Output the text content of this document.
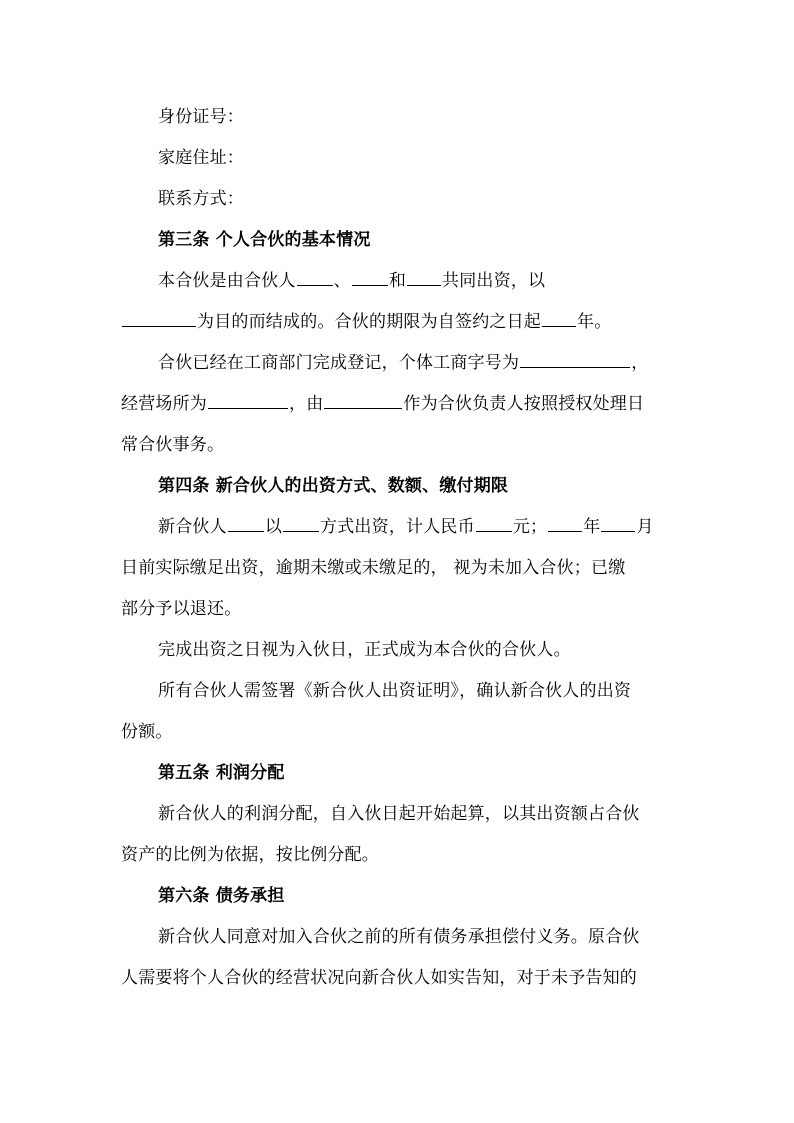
身份证号：
家庭住址：
联系方式：
第三条 个人合伙的基本情况
本合伙是由合伙人 、 和 共同出资，以
为目的而结成的。合伙的期限为自签约之日起 年。
合伙已经在工商部门完成登记，个体工商字号为	，
经营场所为	，由	作为合伙负责人按照授权处理日
常合伙事务。
第四条 新合伙人的出资方式、数额、缴付期限
新合伙人 以 方式出资，计人民币 元； 年 月
日前实际缴足出资，逾期未缴或未缴足的， 视为未加入合伙；已缴
部分予以退还。
完成出资之日视为入伙日，正式成为本合伙的合伙人。
所有合伙人需签署《新合伙人出资证明》，确认新合伙人的出资
份额。
第五条 利润分配
新合伙人的利润分配，自入伙日起开始起算，以其出资额占合伙
资产的比例为依据，按比例分配。
第六条 债务承担
新合伙人同意对加入合伙之前的所有债务承担偿付义务。原合伙
人需要将个人合伙的经营状况向新合伙人如实告知，对于未予告知的
